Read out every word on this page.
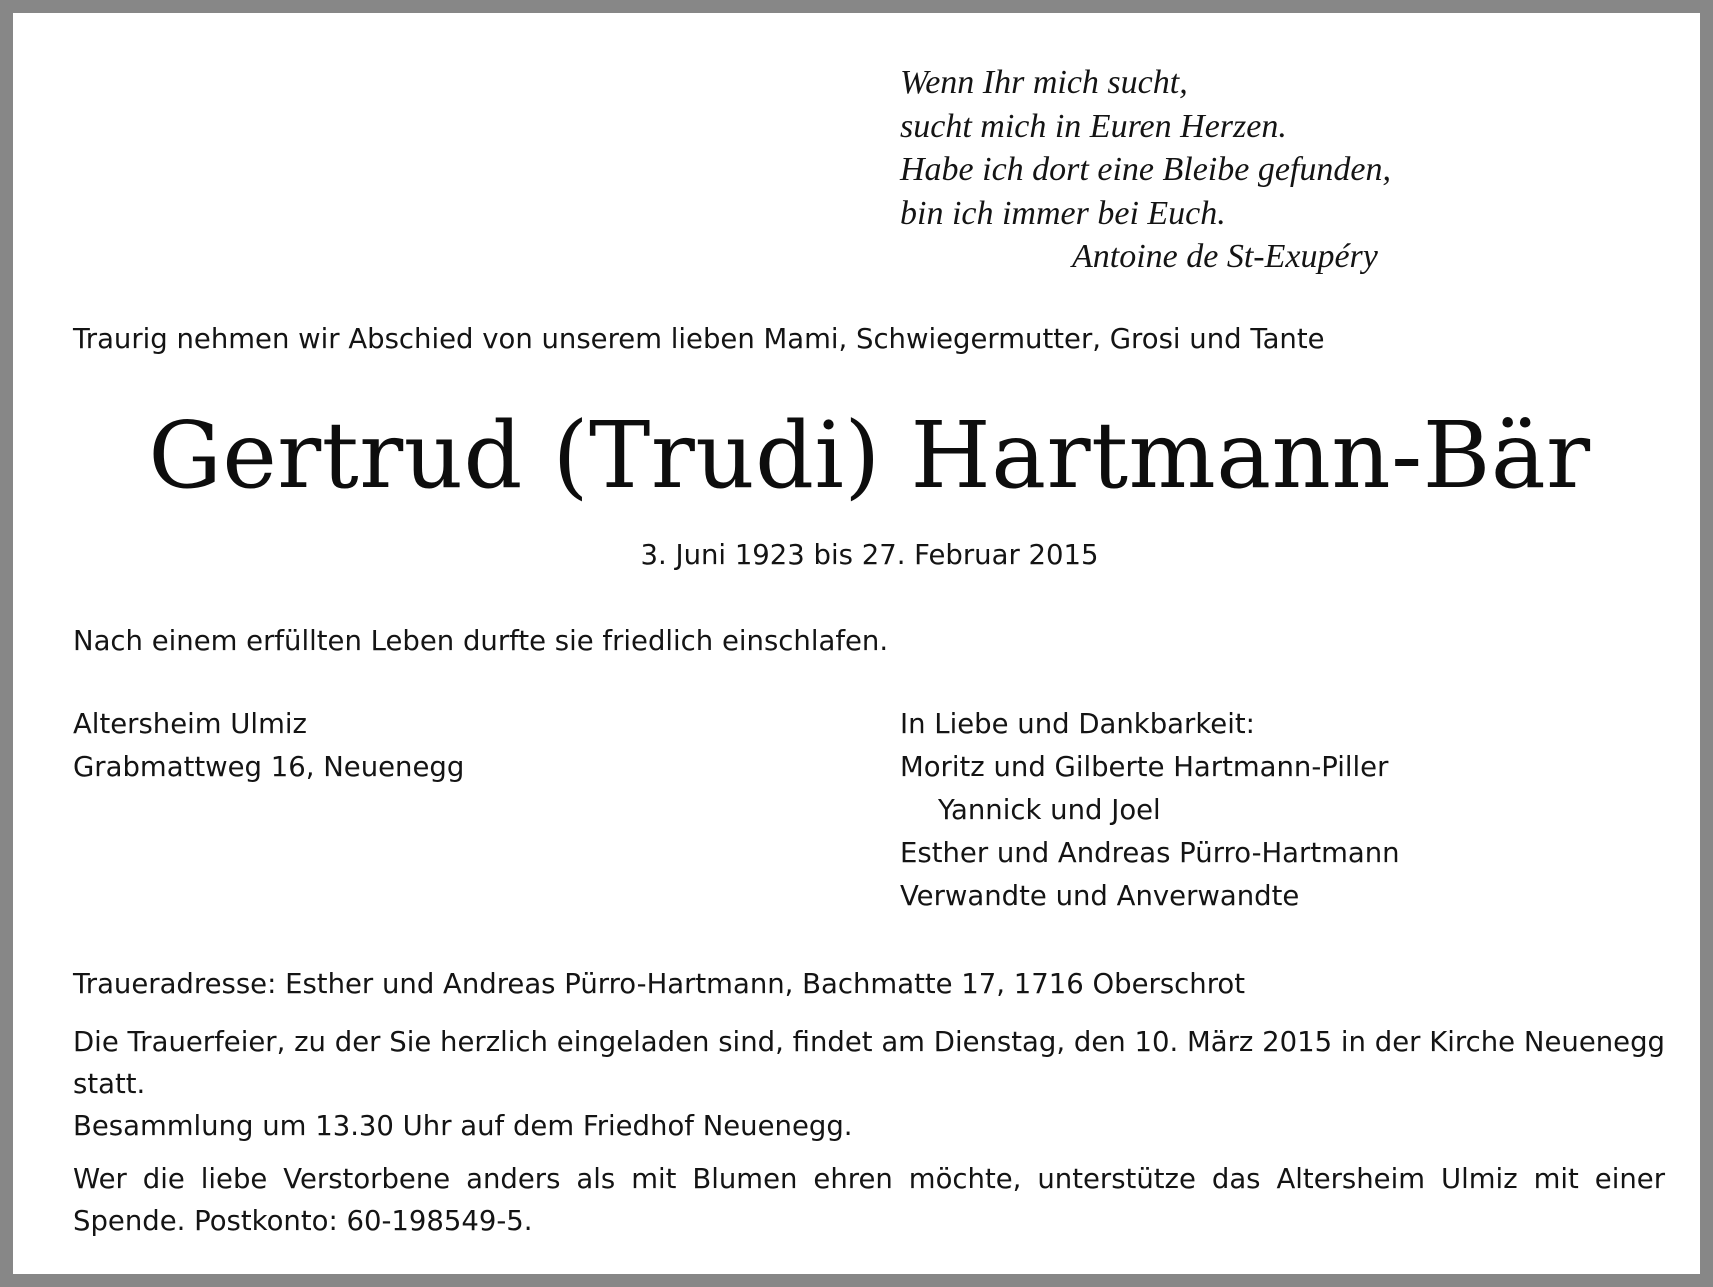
Wenn Ihr mich sucht,
sucht mich in Euren Herzen.
Habe ich dort eine Bleibe gefunden,
bin ich immer bei Euch.
Antoine de St-Exupéry
Traurig nehmen wir Abschied von unserem lieben Mami, Schwiegermutter, Grosi und Tante
Gertrud (Trudi) Hartmann-Bär
3. Juni 1923 bis 27. Februar 2015
Nach einem erfüllten Leben durfte sie friedlich einschlafen.
Altersheim Ulmiz
Grabmattweg 16, Neuenegg
In Liebe und Dankbarkeit:
Moritz und Gilberte Hartmann-Piller
Yannick und Joel
Esther und Andreas Pürro-Hartmann
Verwandte und Anverwandte
Traueradresse: Esther und Andreas Pürro-Hartmann, Bachmatte 17, 1716 Oberschrot
Die Trauerfeier, zu der Sie herzlich eingeladen sind, findet am Dienstag, den 10. März 2015 in der Kirche Neuenegg statt.
Besammlung um 13.30 Uhr auf dem Friedhof Neuenegg.
Wer die liebe Verstorbene anders als mit Blumen ehren möchte, unterstütze das Altersheim Ulmiz mit einer Spende. Postkonto: 60-198549-5.
